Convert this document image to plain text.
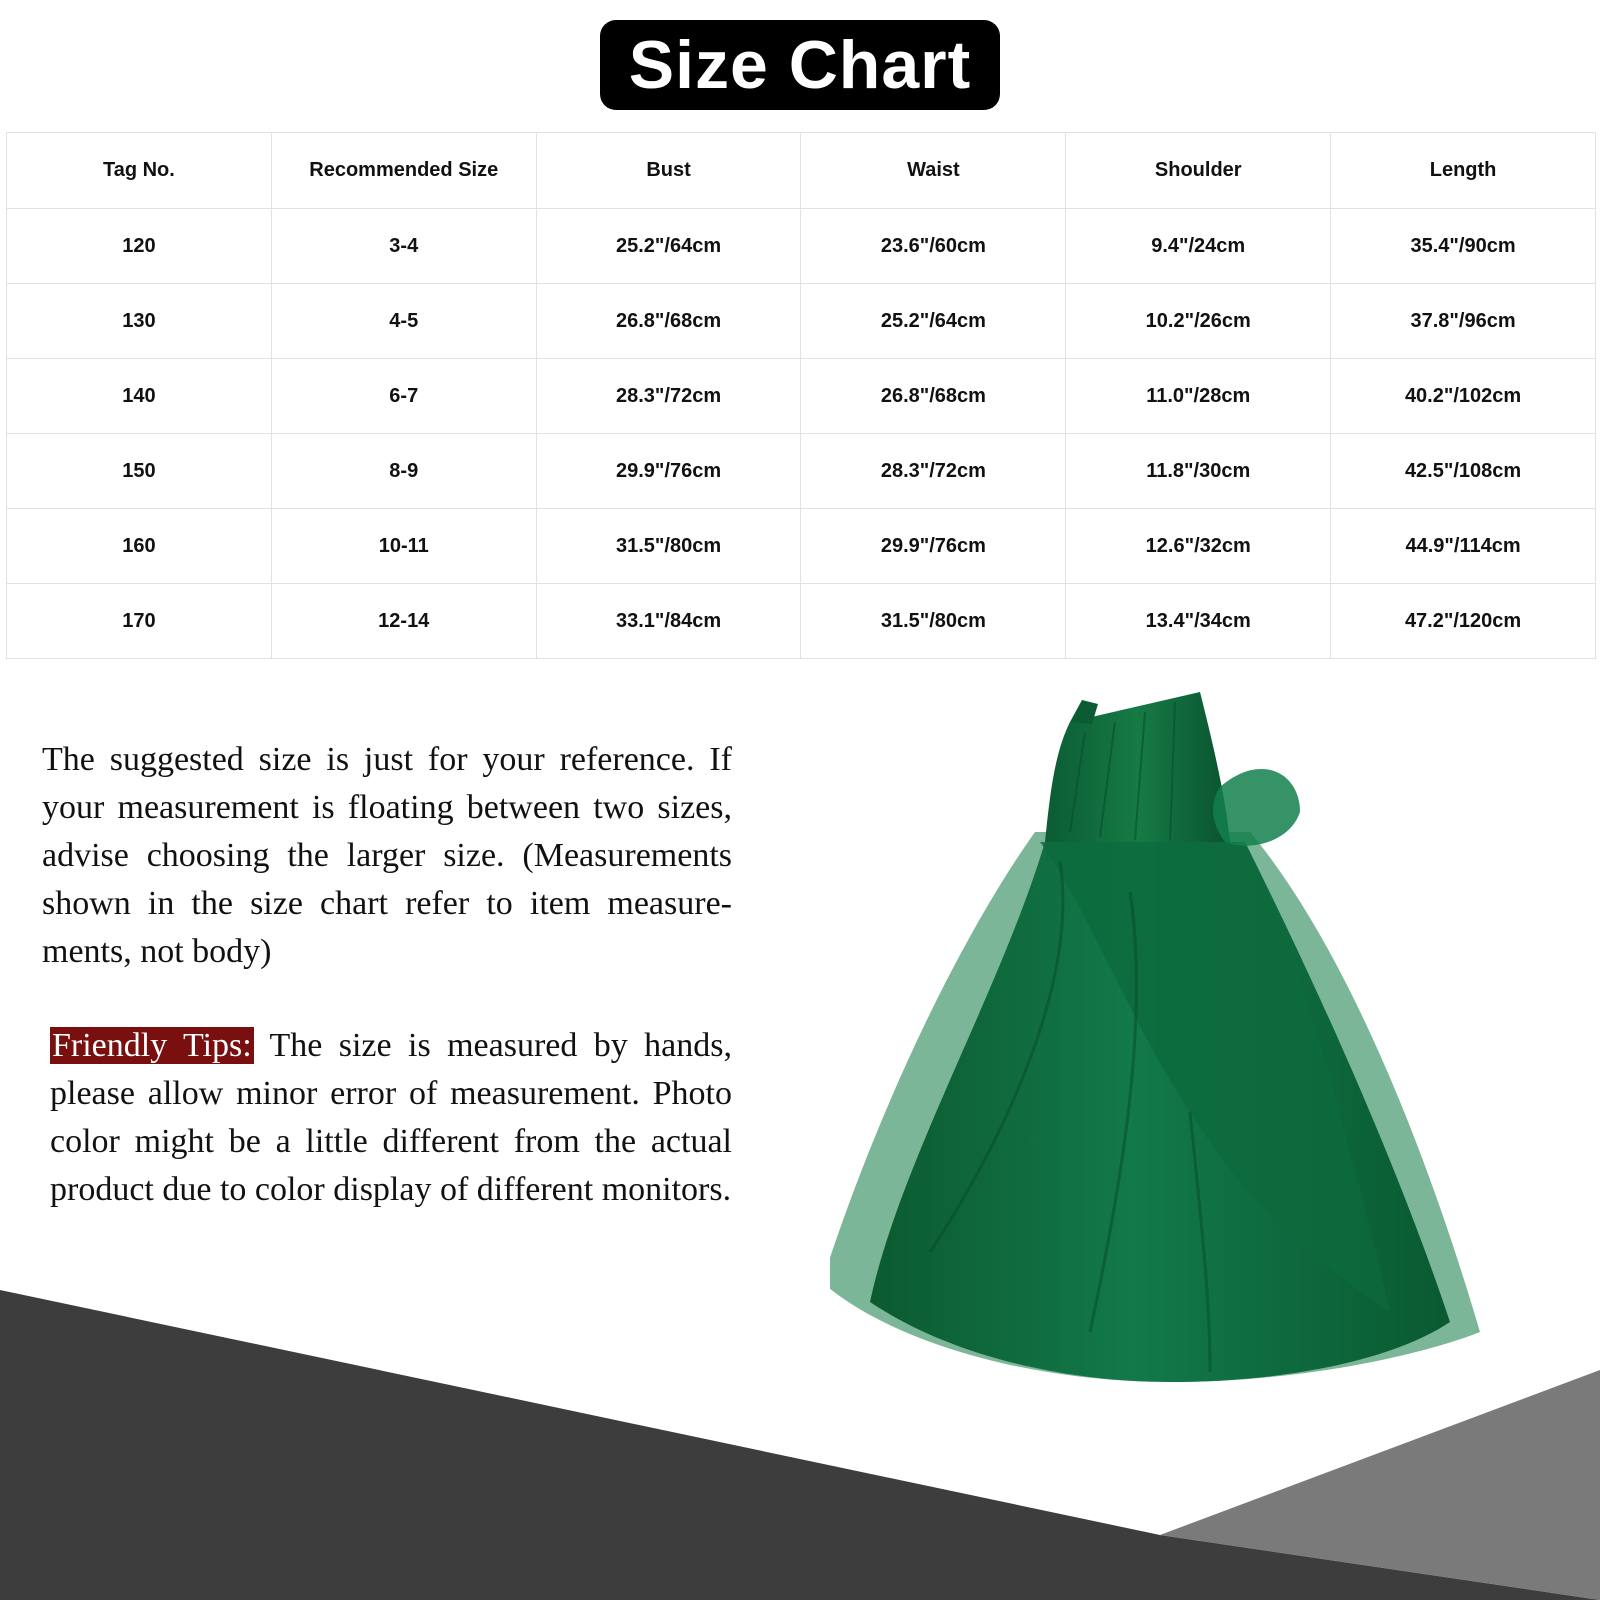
Size Chart
Tag No.	Recommended Size	Bust	Waist	Shoulder	Length
120	3-4	25.2"/64cm	23.6"/60cm	9.4"/24cm	35.4"/90cm
130	4-5	26.8"/68cm	25.2"/64cm	10.2"/26cm	37.8"/96cm
140	6-7	28.3"/72cm	26.8"/68cm	11.0"/28cm	40.2"/102cm
150	8-9	29.9"/76cm	28.3"/72cm	11.8"/30cm	42.5"/108cm
160	10-11	31.5"/80cm	29.9"/76cm	12.6"/32cm	44.9"/114cm
170	12-14	33.1"/84cm	31.5"/80cm	13.4"/34cm	47.2"/120cm

The suggested size is just for your reference. If your measurement is floating between two sizes, advise choosing the larger size. (Measurements shown in the size chart refer to item measure-ments, not body)

Friendly Tips: The size is measured by hands, please allow minor error of measurement. Photo color might be a little different from the actual product due to color display of different monitors.
